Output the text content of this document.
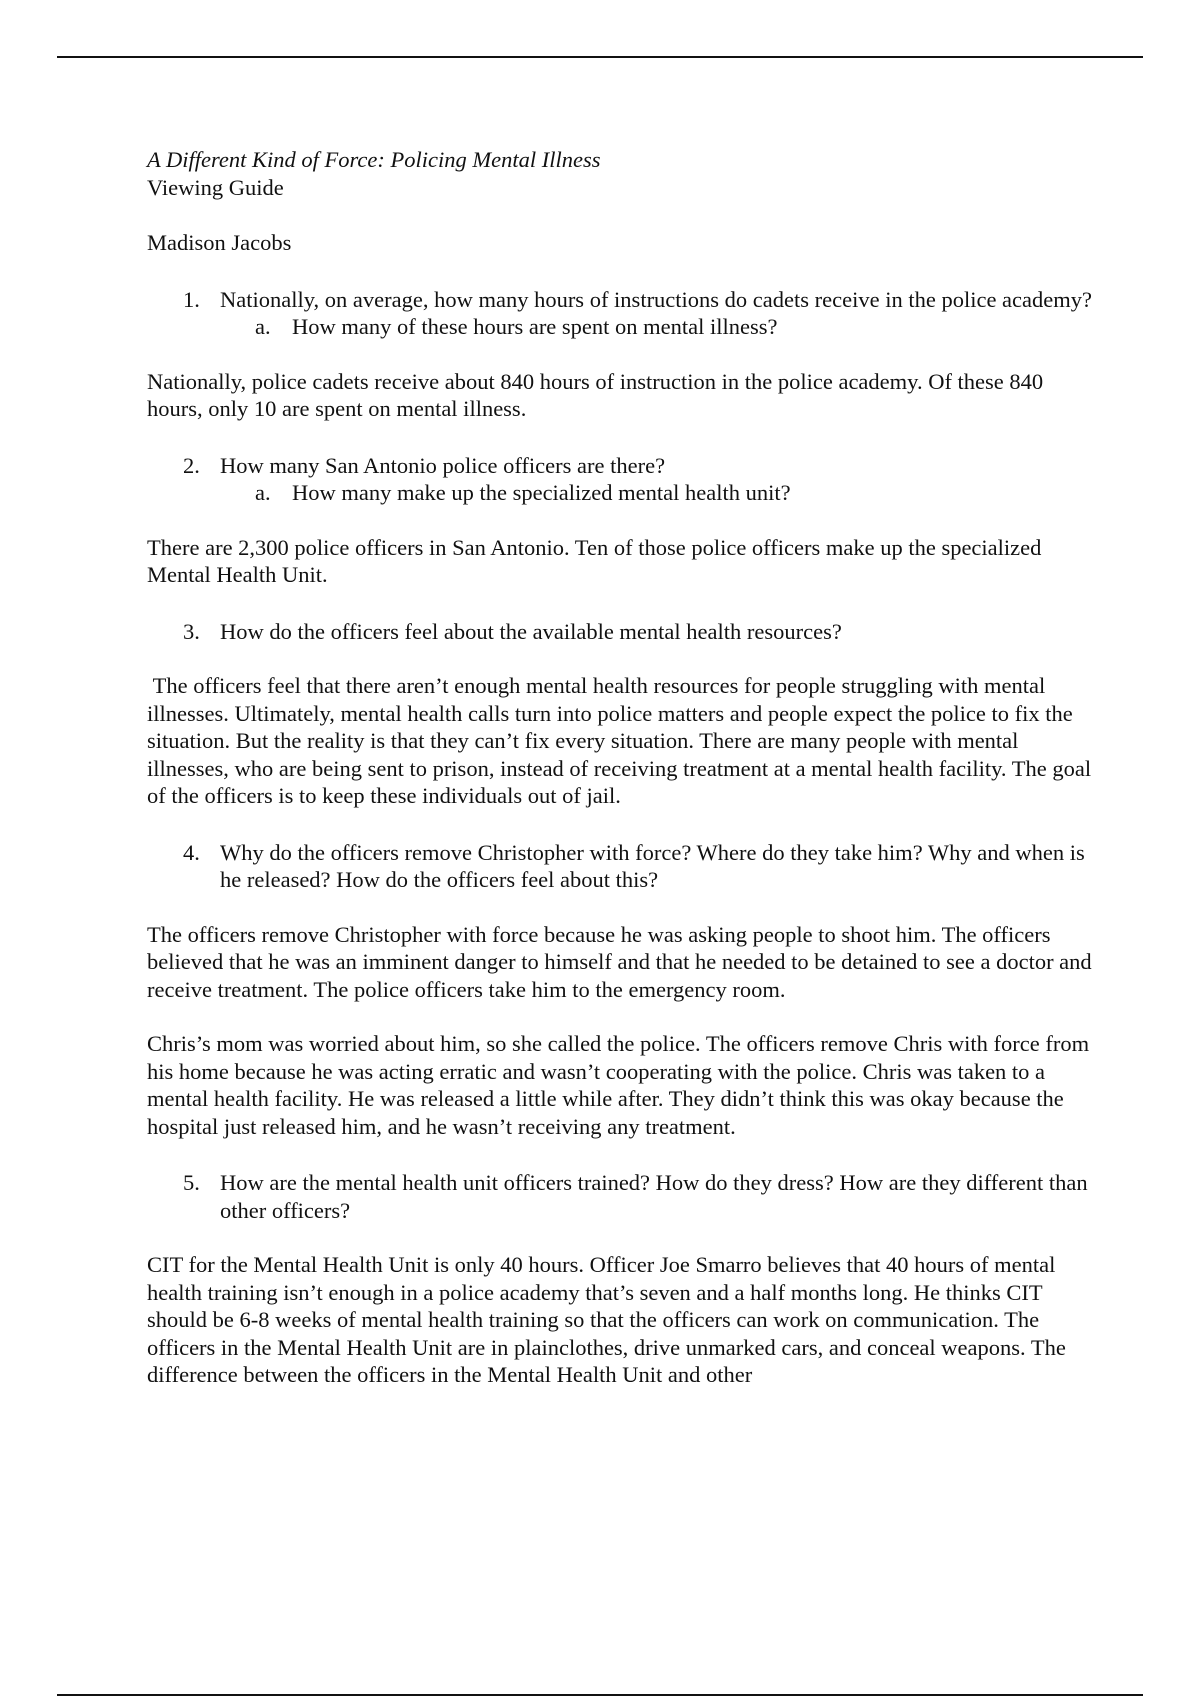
A Different Kind of Force: Policing Mental Illness
Viewing Guide
Madison Jacobs
1. Nationally, on average, how many hours of instructions do cadets receive in the police academy?
a. How many of these hours are spent on mental illness?

Nationally, police cadets receive about 840 hours of instruction in the police academy. Of these 840 hours, only 10 are spent on mental illness.

2. How many San Antonio police officers are there?
a. How many make up the specialized mental health unit?

There are 2,300 police officers in San Antonio. Ten of those police officers make up the specialized Mental Health Unit.

3. How do the officers feel about the available mental health resources?

The officers feel that there aren’t enough mental health resources for people struggling with mental illnesses. Ultimately, mental health calls turn into police matters and people expect the police to fix the situation. But the reality is that they can’t fix every situation. There are many people with mental illnesses, who are being sent to prison, instead of receiving treatment at a mental health facility. The goal of the officers is to keep these individuals out of jail.

4. Why do the officers remove Christopher with force? Where do they take him? Why and when is he released? How do the officers feel about this?

The officers remove Christopher with force because he was asking people to shoot him. The officers believed that he was an imminent danger to himself and that he needed to be detained to see a doctor and receive treatment. The police officers take him to the emergency room.

Chris’s mom was worried about him, so she called the police. The officers remove Chris with force from his home because he was acting erratic and wasn’t cooperating with the police. Chris was taken to a mental health facility. He was released a little while after. They didn’t think this was okay because the hospital just released him, and he wasn’t receiving any treatment.

5. How are the mental health unit officers trained? How do they dress? How are they different than other officers?

CIT for the Mental Health Unit is only 40 hours. Officer Joe Smarro believes that 40 hours of mental health training isn’t enough in a police academy that’s seven and a half months long. He thinks CIT should be 6-8 weeks of mental health training so that the officers can work on communication. The officers in the Mental Health Unit are in plainclothes, drive unmarked cars, and conceal weapons. The difference between the officers in the Mental Health Unit and other
